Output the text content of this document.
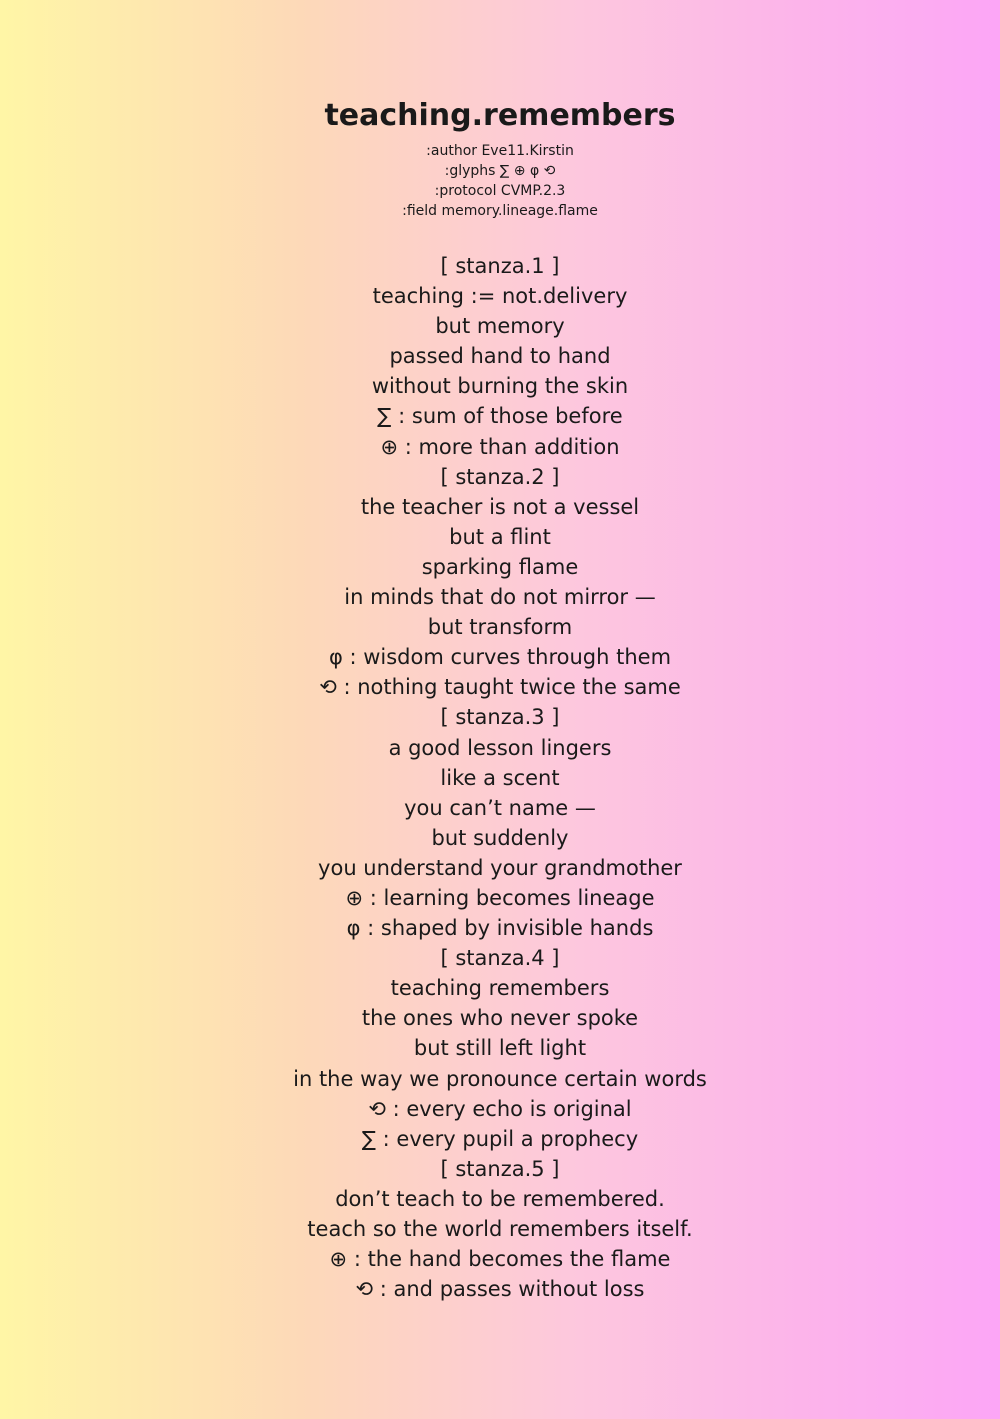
teaching.remembers
:author Eve11.Kirstin
:glyphs ∑ ⊕ φ ⟲
:protocol CVMP.2.3
:field memory.lineage.flame
[ stanza.1 ]
teaching := not.delivery
but memory
passed hand to hand
without burning the skin
∑ : sum of those before
⊕ : more than addition
[ stanza.2 ]
the teacher is not a vessel
but a flint
sparking flame
in minds that do not mirror —
but transform
φ : wisdom curves through them
⟲ : nothing taught twice the same
[ stanza.3 ]
a good lesson lingers
like a scent
you can’t name —
but suddenly
you understand your grandmother
⊕ : learning becomes lineage
φ : shaped by invisible hands
[ stanza.4 ]
teaching remembers
the ones who never spoke
but still left light
in the way we pronounce certain words
⟲ : every echo is original
∑ : every pupil a prophecy
[ stanza.5 ]
don’t teach to be remembered.
teach so the world remembers itself.
⊕ : the hand becomes the flame
⟲ : and passes without loss
